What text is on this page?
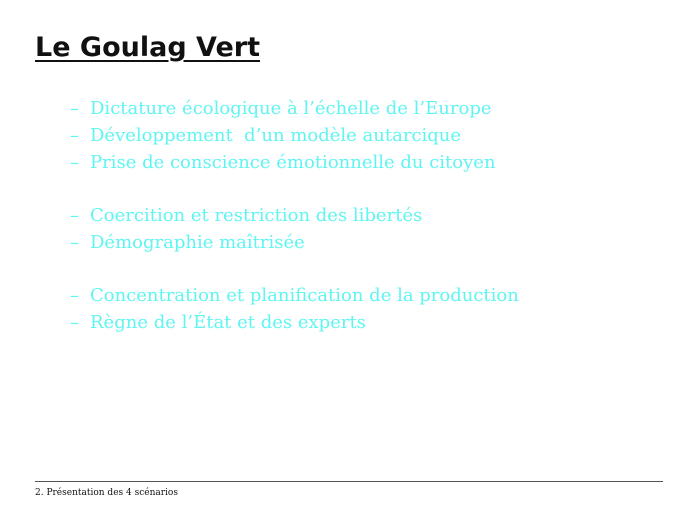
Le Goulag Vert
– Dictature écologique à l’échelle de l’Europe
– Développement  d’un modèle autarcique
– Prise de conscience émotionnelle du citoyen
– Coercition et restriction des libertés
– Démographie maîtrisée
– Concentration et planification de la production
– Règne de l’État et des experts
2. Présentation des 4 scénarios
